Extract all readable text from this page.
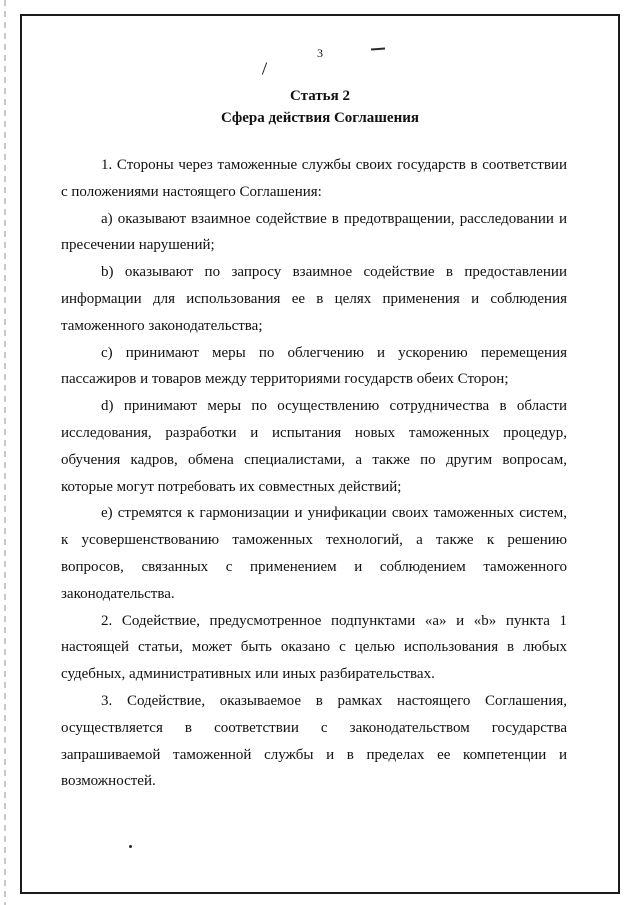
3
Статья 2
Сфера действия Соглашения

1. Стороны через таможенные службы своих государств в соответствии с положениями настоящего Соглашения:

а) оказывают взаимное содействие в предотвращении, расследовании и пресечении нарушений;

b) оказывают по запросу взаимное содействие в предоставлении информации для использования ее в целях применения и соблюдения таможенного законодательства;

c) принимают меры по облегчению и ускорению перемещения пассажиров и товаров между территориями государств обеих Сторон;

d) принимают меры по осуществлению сотрудничества в области исследования, разработки и испытания новых таможенных процедур, обучения кадров, обмена специалистами, а также по другим вопросам, которые могут потребовать их совместных действий;

e) стремятся к гармонизации и унификации своих таможенных систем, к усовершенствованию таможенных технологий, а также к решению вопросов, связанных с применением и соблюдением таможенного законодательства.

2. Содействие, предусмотренное подпунктами «а» и «b» пункта 1 настоящей статьи, может быть оказано с целью использования в любых судебных, административных или иных разбирательствах.

3. Содействие, оказываемое в рамках настоящего Соглашения, осуществляется в соответствии с законодательством государства запрашиваемой таможенной службы и в пределах ее компетенции и возможностей.
